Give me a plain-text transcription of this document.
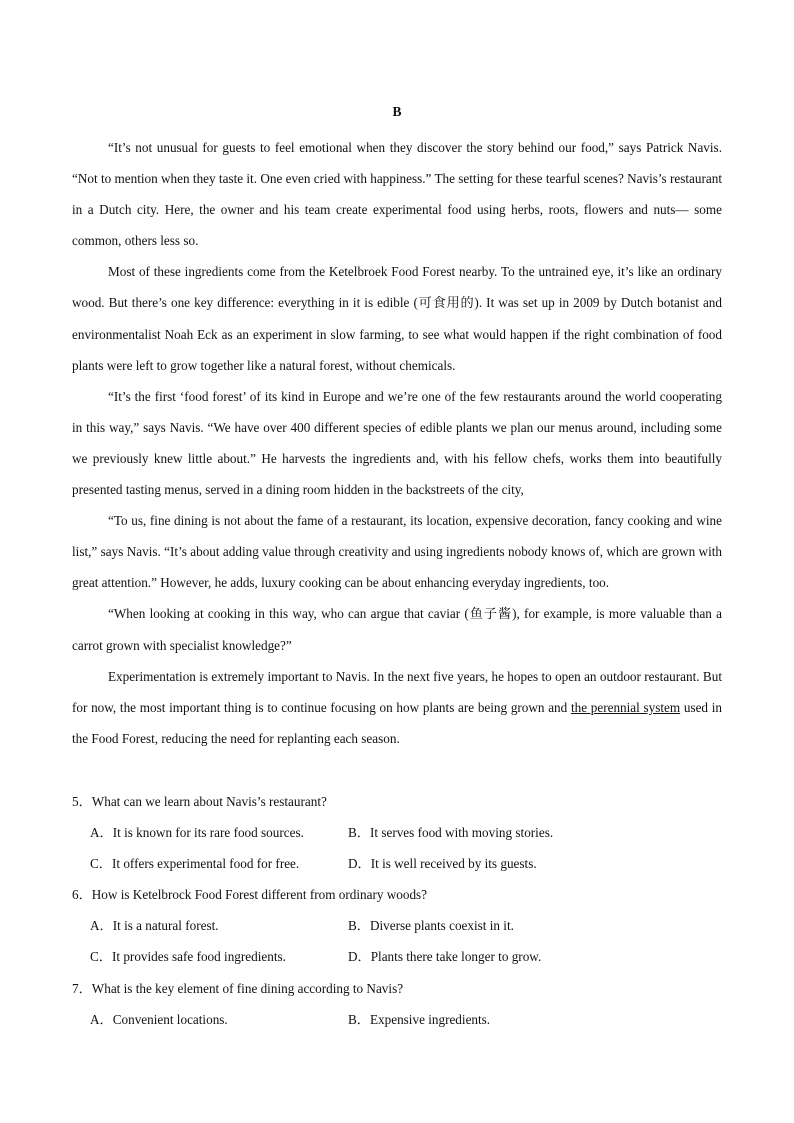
B

“It’s not unusual for guests to feel emotional when they discover the story behind our food,” says Patrick Navis. “Not to mention when they taste it. One even cried with happiness.” The setting for these tearful scenes? Navis’s restaurant in a Dutch city. Here, the owner and his team create experimental food using herbs, roots, flowers and nuts— some common, others less so.

Most of these ingredients come from the Ketelbroek Food Forest nearby. To the untrained eye, it’s like an ordinary wood. But there’s one key difference: everything in it is edible (可食用的). It was set up in 2009 by Dutch botanist and environmentalist Noah Eck as an experiment in slow farming, to see what would happen if the right combination of food plants were left to grow together like a natural forest, without chemicals.

“It’s the first ‘food forest’ of its kind in Europe and we’re one of the few restaurants around the world cooperating in this way,” says Navis. “We have over 400 different species of edible plants we plan our menus around, including some we previously knew little about.” He harvests the ingredients and, with his fellow chefs, works them into beautifully presented tasting menus, served in a dining room hidden in the backstreets of the city,

“To us, fine dining is not about the fame of a restaurant, its location, expensive decoration, fancy cooking and wine list,” says Navis. “It’s about adding value through creativity and using ingredients nobody knows of, which are grown with great attention.” However, he adds, luxury cooking can be about enhancing everyday ingredients, too.

“When looking at cooking in this way, who can argue that caviar (鱼子酱), for example, is more valuable than a carrot grown with specialist knowledge?”

Experimentation is extremely important to Navis. In the next five years, he hopes to open an outdoor restaurant. But for now, the most important thing is to continue focusing on how plants are being grown and the perennial system used in the Food Forest, reducing the need for replanting each season.

5．What can we learn about Navis’s restaurant?

A．It is known for its rare food sources.	B．It serves food with moving stories.
C．It offers experimental food for free.	D．It is well received by its guests.

6．How is Ketelbrock Food Forest different from ordinary woods?

A．It is a natural forest.	B．Diverse plants coexist in it.
C．It provides safe food ingredients.	D．Plants there take longer to grow.

7．What is the key element of fine dining according to Navis?

A．Convenient locations.	B．Expensive ingredients.
